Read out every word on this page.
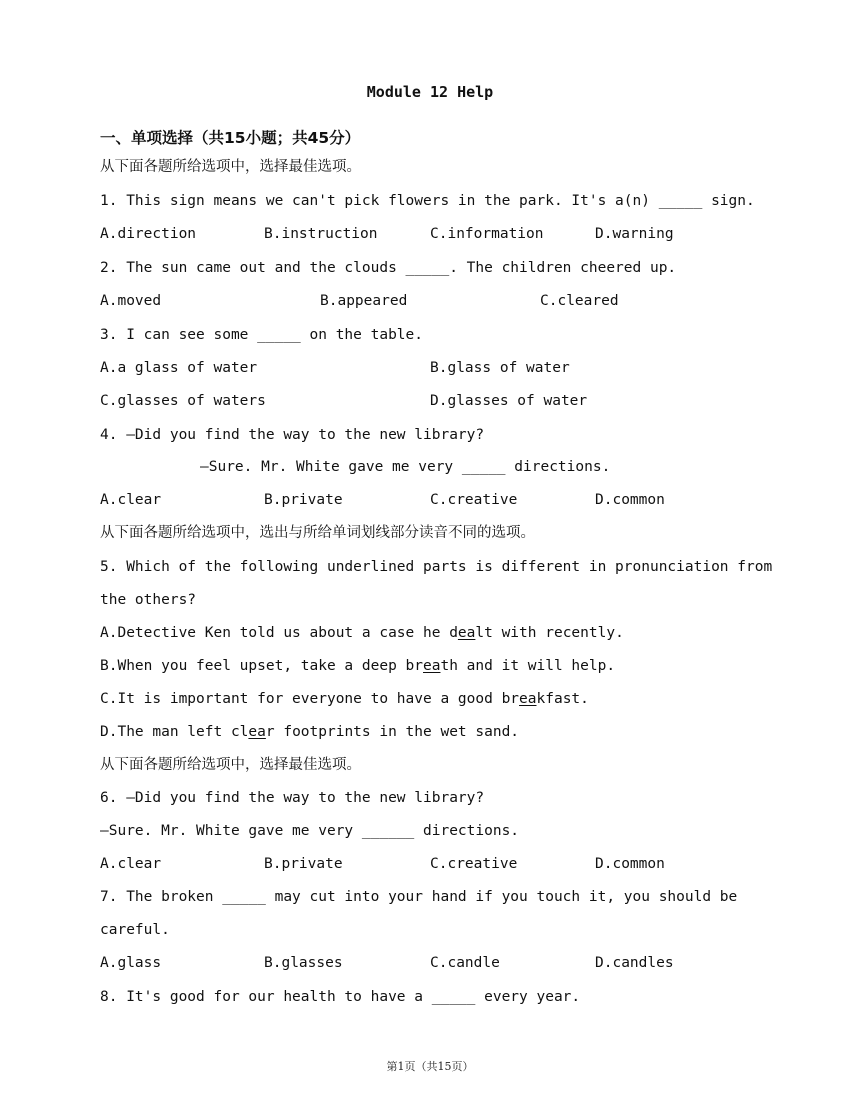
Module 12 Help
一、单项选择（共15小题；共45分）
从下面各题所给选项中，选择最佳选项。
1. This sign means we can't pick flowers in the park. It's a(n) _____ sign.
A.direction	B.instruction	C.information	D.warning
2. The sun came out and the clouds _____. The children cheered up.
A.moved	B.appeared	C.cleared
3. I can see some _____ on the table.
A.a glass of water	B.glass of water
C.glasses of waters	D.glasses of water
4. —Did you find the way to the new library?
—Sure. Mr. White gave me very _____ directions.
A.clear	B.private	C.creative	D.common
从下面各题所给选项中，选出与所给单词划线部分读音不同的选项。
5. Which of the following underlined parts is different in pronunciation from
the others?
A.Detective Ken told us about a case he dealt with recently.
B.When you feel upset, take a deep breath and it will help.
C.It is important for everyone to have a good breakfast.
D.The man left clear footprints in the wet sand.
从下面各题所给选项中，选择最佳选项。
6. —Did you find the way to the new library?
—Sure. Mr. White gave me very ______ directions.
A.clear	B.private	C.creative	D.common
7. The broken _____ may cut into your hand if you touch it, you should be
careful.
A.glass	B.glasses	C.candle	D.candles
8. It's good for our health to have a _____ every year.
第1页（共15页）
